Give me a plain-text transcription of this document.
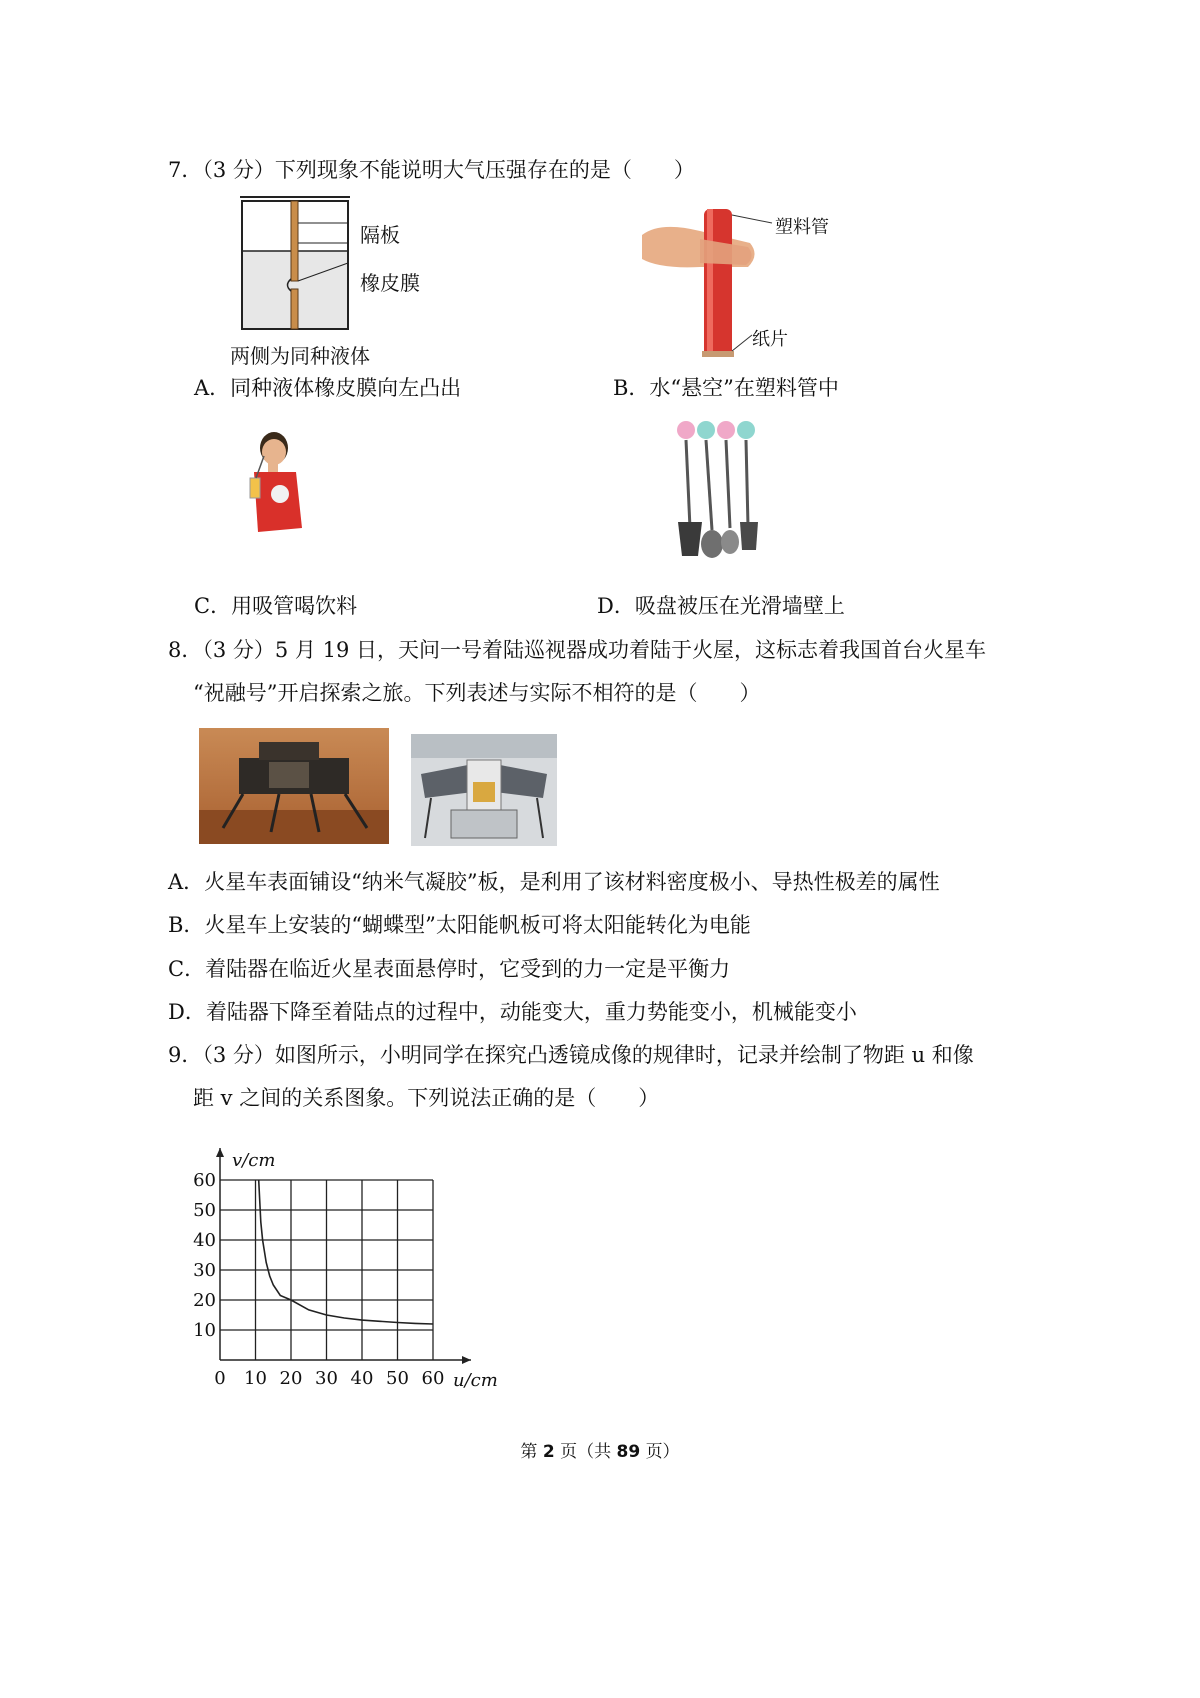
7．（3 分）下列现象不能说明大气压强存在的是（　　）
隔板
橡皮膜
两侧为同种液体
塑料管
纸片
A．同种液体橡皮膜向左凸出	B．水“悬空”在塑料管中
C．用吸管喝饮料	D．吸盘被压在光滑墙壁上
8．（3 分）5 月 19 日，天问一号着陆巡视器成功着陆于火屋，这标志着我国首台火星车
“祝融号”开启探索之旅。下列表述与实际不相符的是（　　）
A．火星车表面铺设“纳米气凝胶”板，是利用了该材料密度极小、导热性极差的属性
B．火星车上安装的“蝴蝶型”太阳能帆板可将太阳能转化为电能
C．着陆器在临近火星表面悬停时，它受到的力一定是平衡力
D．着陆器下降至着陆点的过程中，动能变大，重力势能变小，机械能变小
9．（3 分）如图所示，小明同学在探究凸透镜成像的规律时，记录并绘制了物距 u 和像
距 v 之间的关系图象。下列说法正确的是（　　）
0 10 20 30 40 50 60
10
20
30
40
50
60
u/cm
v/cm
第 2 页（共 89 页）
